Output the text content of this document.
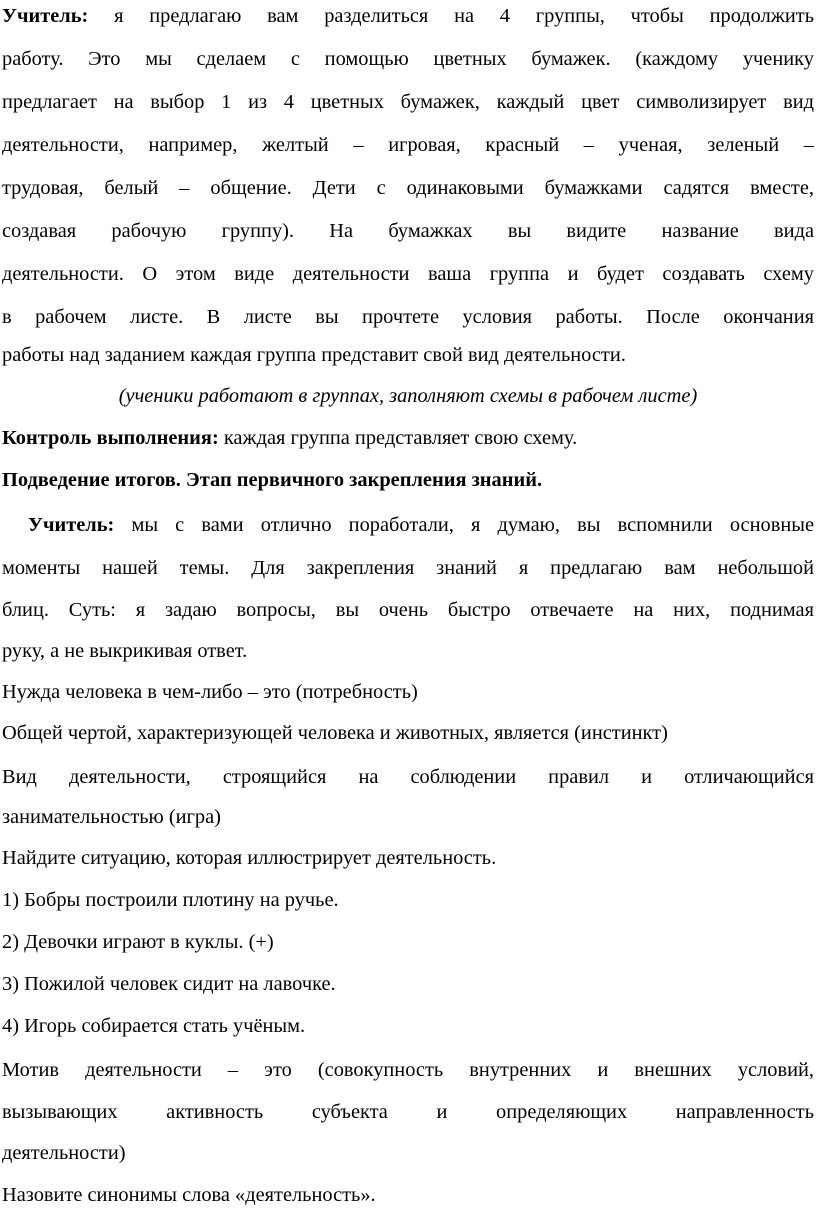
Учитель: я предлагаю вам разделиться на 4 группы, чтобы продолжить
работу. Это мы сделаем с помощью цветных бумажек. (каждому ученику
предлагает на выбор 1 из 4 цветных бумажек, каждый цвет символизирует вид
деятельности, например, желтый – игровая, красный – ученая, зеленый –
трудовая, белый – общение. Дети с одинаковыми бумажками садятся вместе,
создавая рабочую группу). На бумажках вы видите название вида
деятельности. О этом виде деятельности ваша группа и будет создавать схему
в рабочем листе. В листе вы прочтете условия работы. После окончания
работы над заданием каждая группа представит свой вид деятельности.
(ученики работают в группах, заполняют схемы в рабочем листе)
Контроль выполнения: каждая группа представляет свою схему.
Подведение итогов. Этап первичного закрепления знаний.
Учитель: мы с вами отлично поработали, я думаю, вы вспомнили основные
моменты нашей темы. Для закрепления знаний я предлагаю вам небольшой
блиц. Суть: я задаю вопросы, вы очень быстро отвечаете на них, поднимая
руку, а не выкрикивая ответ.
Нужда человека в чем-либо – это (потребность)
Общей чертой, характеризующей человека и животных, является (инстинкт)
Вид деятельности, строящийся на соблюдении правил и отличающийся
занимательностью (игра)
Найдите ситуацию, которая иллюстрирует деятельность.
1) Бобры построили плотину на ручье.
2) Девочки играют в куклы. (+)
3) Пожилой человек сидит на лавочке.
4) Игорь собирается стать учёным.
Мотив деятельности – это (совокупность внутренних и внешних условий,
вызывающих активность субъекта и определяющих направленность
деятельности)
Назовите синонимы слова «деятельность».
